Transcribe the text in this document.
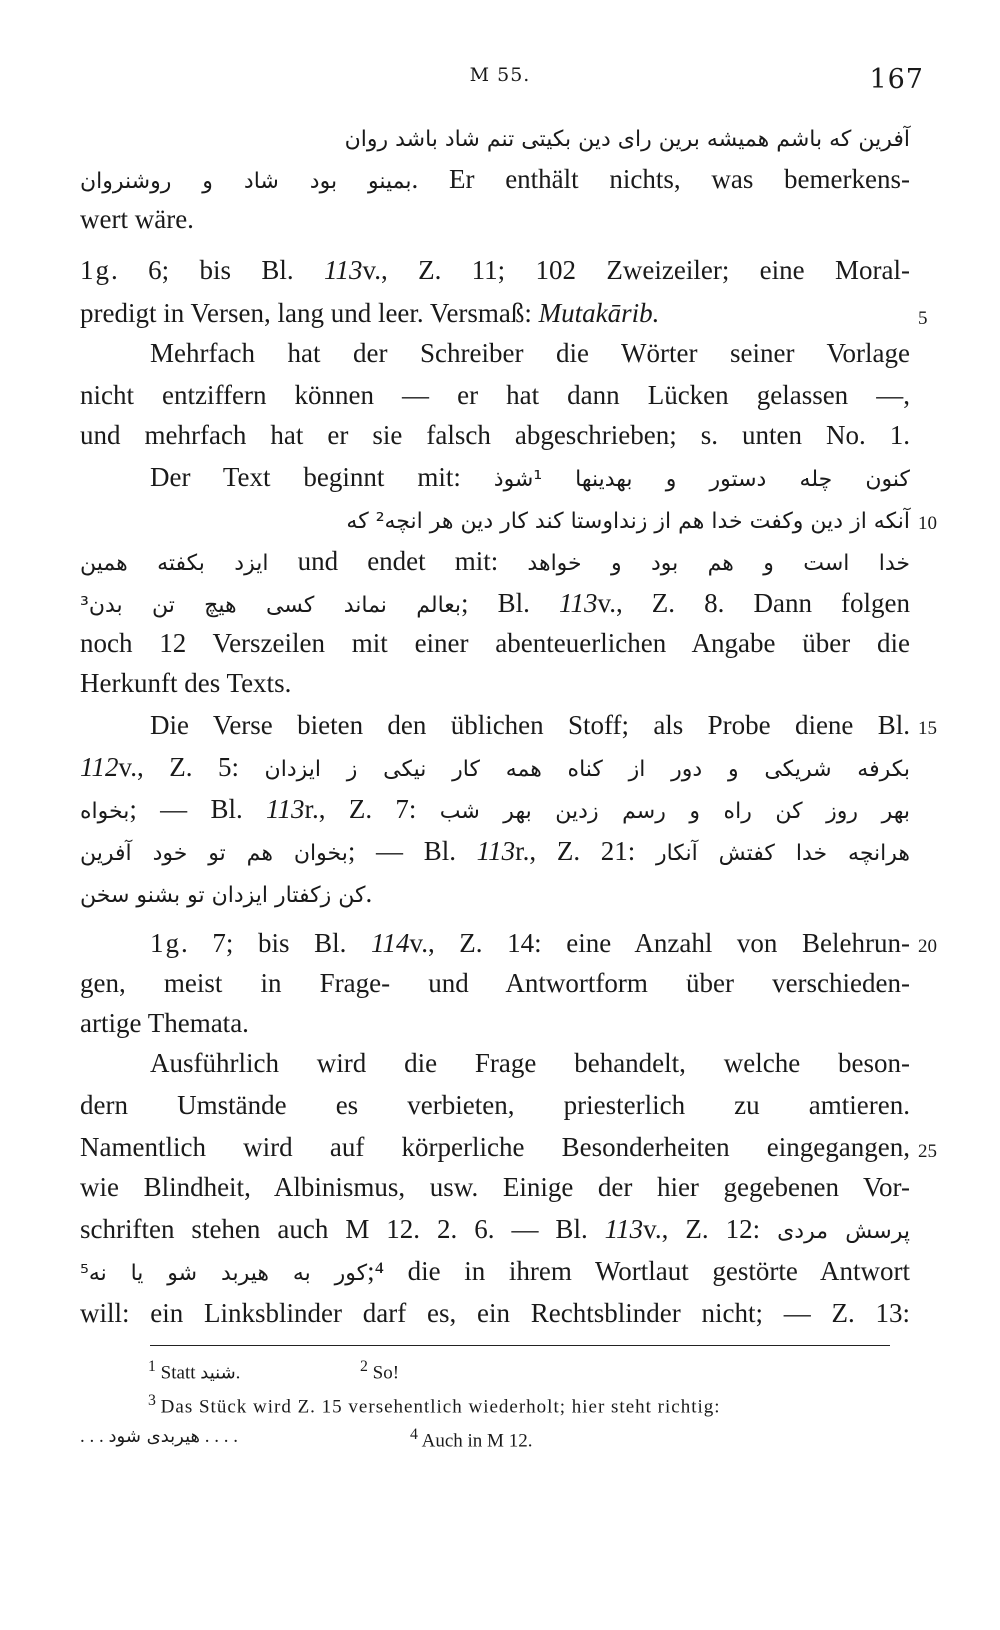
M 55.	167
آفرین که باشم همیشه برین رای دین بکیتی تنم شاد باشد روان
بمینو بود شاد و روشنروان. Er enthält nichts, was bemerkens-
wert wäre.
1g. 6; bis Bl. 113v., Z. 11; 102 Zweizeiler; eine Moral-
predigt in Versen, lang und leer. Versmaß: Mutakārib.
Mehrfach hat der Schreiber die Wörter seiner Vorlage
nicht entziffern können — er hat dann Lücken gelassen —,
und mehrfach hat er sie falsch abgeschrieben; s. unten No. 1.
Der Text beginnt mit: ¹شوذ کنون چله دستور و بهدینها
آنکه از دین وکفت خدا هم از زنداوستا کند کار دین هر انچه² که
ایزد بکفته همین und endet mit: خدا است و هم بود و خواهد
بعالم نماند کسی هیچ تن بدن³; Bl. 113v., Z. 8. Dann folgen
noch 12 Verszeilen mit einer abenteuerlichen Angabe über die
Herkunft des Texts.
Die Verse bieten den üblichen Stoff; als Probe diene Bl.
112v., Z. 5: بکرفه شریکی و دور از کناه همه کار نیکی ز ایزدان
بخواه; — Bl. 113r., Z. 7: بهر روز کن راه و رسم زدین بهر شب
بخوان هم تو خود آفرین; — Bl. 113r., Z. 21: هرانچه خدا کفتش آنکار
کن زکفتار ایزدان تو بشنو سخن.
1g. 7; bis Bl. 114v., Z. 14: eine Anzahl von Belehrun-
gen, meist in Frage- und Antwortform über verschieden-
artige Themata.
Ausführlich wird die Frage behandelt, welche beson-
dern Umstände es verbieten, priesterlich zu amtieren.
Namentlich wird auf körperliche Besonderheiten eingegangen,
wie Blindheit, Albinismus, usw. Einige der hier gegebenen Vor-
schriften stehen auch M 12. 2. 6. — Bl. 113v., Z. 12: پرسش مردی
کور به هیربد شو یا نه⁵;⁴ die in ihrem Wortlaut gestörte Antwort
will: ein Linksblinder darf es, ein Rechtsblinder nicht; — Z. 13:
5
10
15
20
25
$^1$ Statt شنید.	$^2$ So!
$^3$ Das Stück wird Z. 15 versehentlich wiederholt; hier steht richtig:
. . . هیربدی شود . . . .	$^4$ Auch in M 12.
